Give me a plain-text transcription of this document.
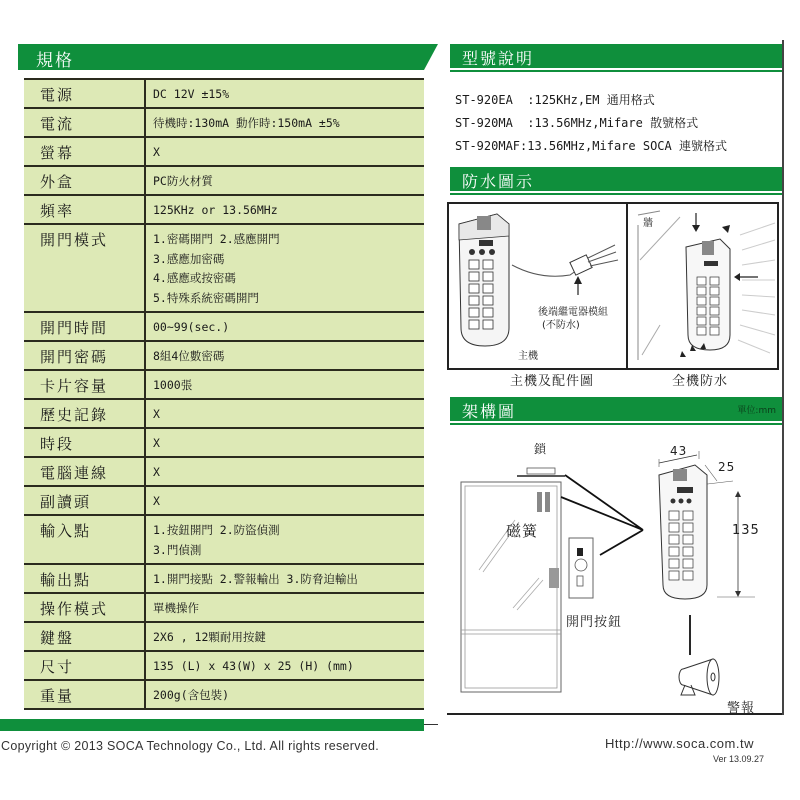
規格
電源	DC 12V ±15%

電流	待機時:130mA 動作時:150mA ±5%

螢幕	X

外盒	PC防火材質

頻率	125KHz or 13.56MHz

開門模式	1.密碼開門 2.感應開門
3.感應加密碼
4.感應或按密碼
5.特殊系統密碼開門

開門時間	00~99(sec.)

開門密碼	8組4位數密碼

卡片容量	1000張

歷史記錄	X

時段	X

電腦連線	X

副讀頭	X

輸入點	1.按鈕開門 2.防盜偵測
3.門偵測

輸出點	1.開門接點 2.警報輸出 3.防脅迫輸出

操作模式	單機操作

鍵盤	2X6 , 12顆耐用按鍵

尺寸	135 (L) x 43(W) x 25 (H) (mm)

重量	200g(含包裝)
Copyright © 2013 SOCA Technology Co., Ltd. All rights reserved.
型號說明
ST-920EA  :125KHz,EM 通用格式
ST-920MA  :13.56MHz,Mifare 散號格式
ST-920MAF:13.56MHz,Mifare SOCA 連號格式
防水圖示
後端繼電器模組
(不防水)
主機
主機及配件圖
牆
全機防水
架構圖	單位:mm
鎖
磁簧
開門按鈕
43
25
135
警報
Http://www.soca.com.tw
Ver 13.09.27
